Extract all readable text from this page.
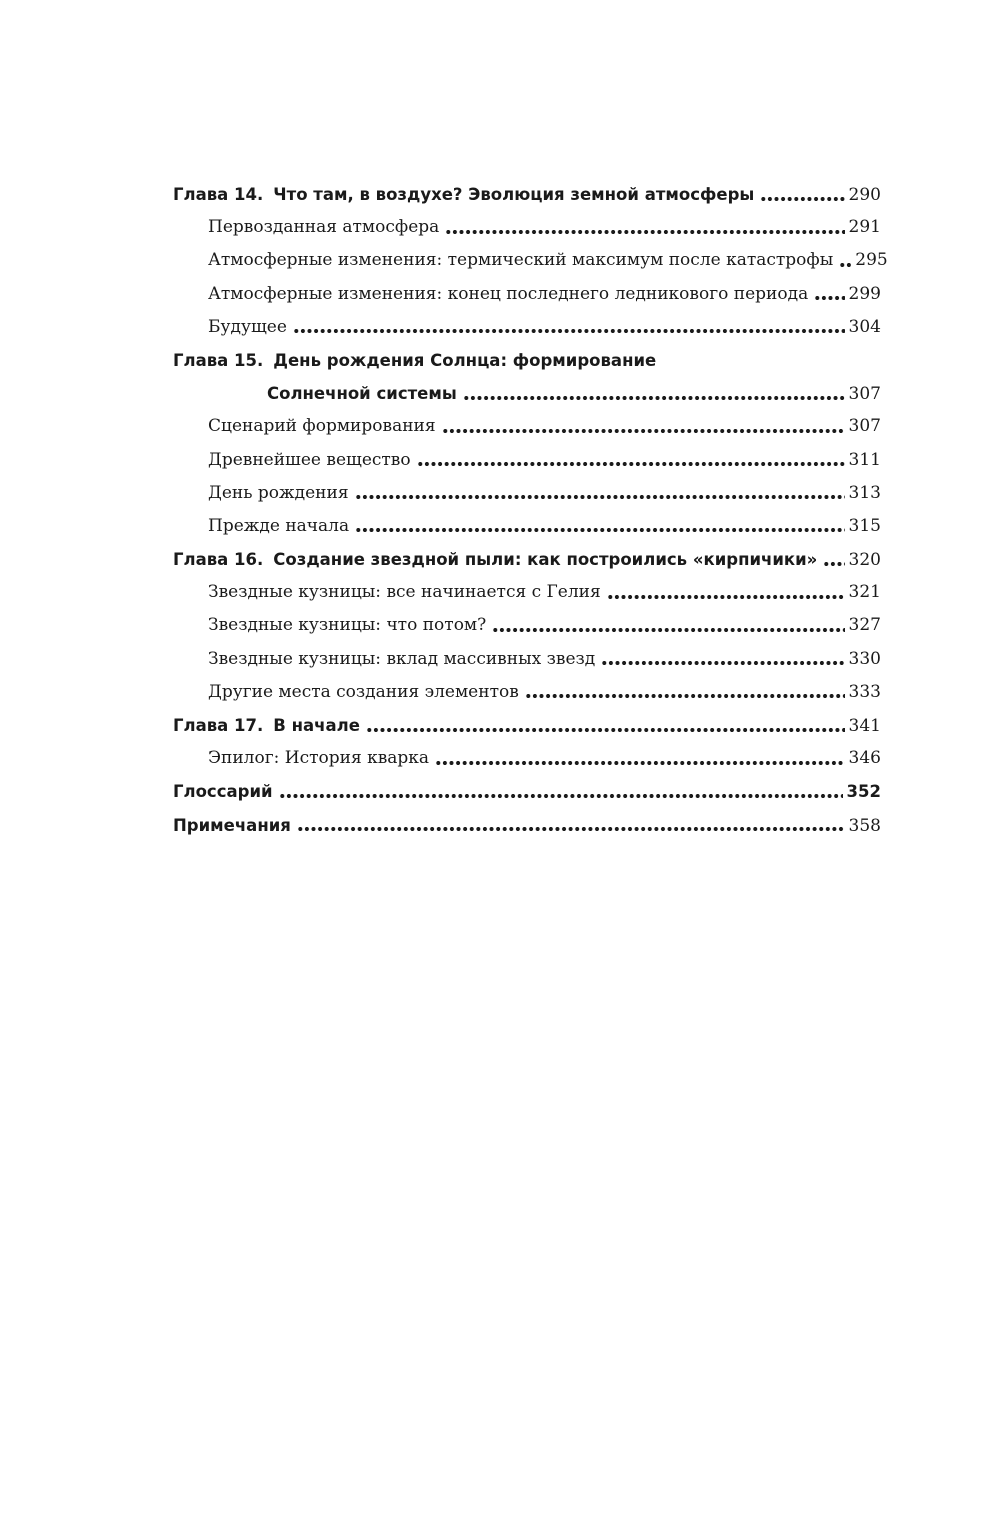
Глава 14. Что там, в воздухе? Эволюция земной атмосферы	290
Первозданная атмосфера	291
Атмосферные изменения: термический максимум после катастрофы 295
Атмосферные изменения: конец последнего ледникового периода 299
Будущее	304
Глава 15. День рождения Солнца: формирование
Солнечной системы	307
Сценарий формирования	307
Древнейшее вещество	311
День рождения	313
Прежде начала	315
Глава 16. Создание звездной пыли: как построились «кирпичики» 320
Звездные кузницы: все начинается с Гелия	321
Звездные кузницы: что потом?	327
Звездные кузницы: вклад массивных звезд	330
Другие места создания элементов	333
Глава 17. В начале	341
Эпилог: История кварка	346
Глоссарий	352
Примечания	358
